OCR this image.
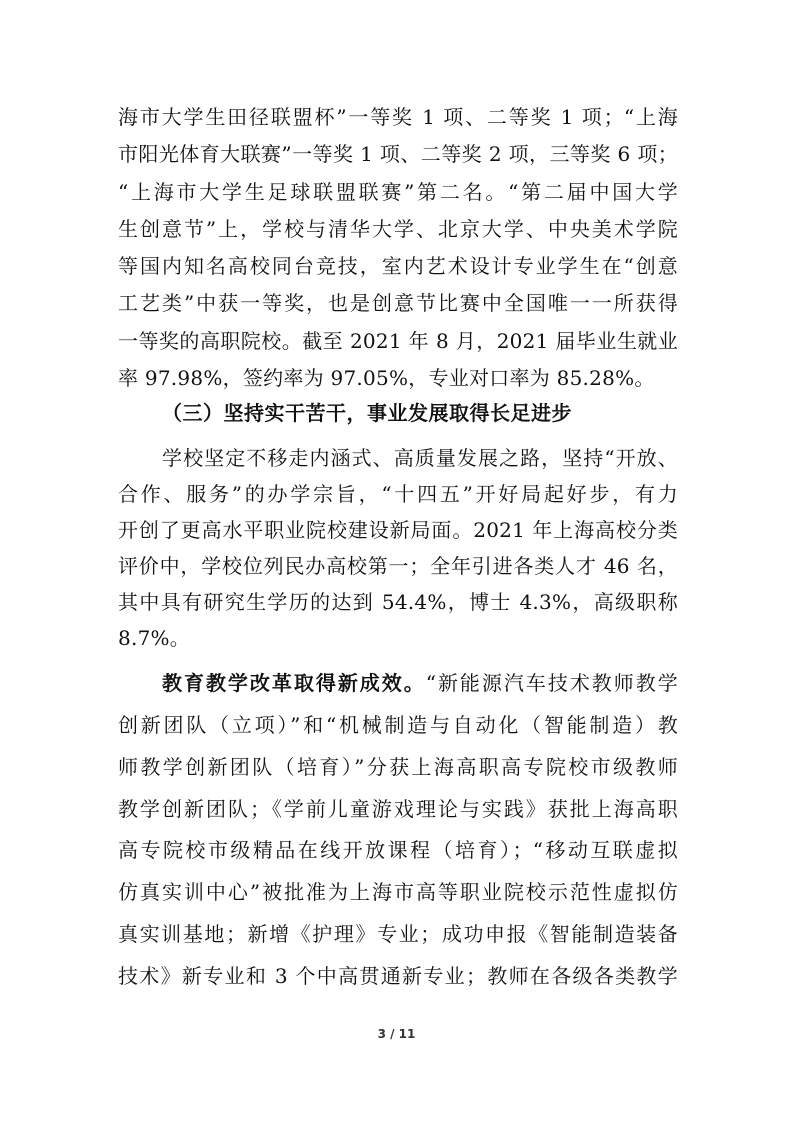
海市大学生田径联盟杯”一等奖 1 项、二等奖 1 项；“上海
市阳光体育大联赛”一等奖 1 项、二等奖 2 项，三等奖 6 项；
“上海市大学生足球联盟联赛”第二名。“第二届中国大学
生创意节”上，学校与清华大学、北京大学、中央美术学院
等国内知名高校同台竞技，室内艺术设计专业学生在“创意
工艺类”中获一等奖，也是创意节比赛中全国唯一一所获得
一等奖的高职院校。截至 2021 年 8 月，2021 届毕业生就业
率 97.98%，签约率为 97.05%，专业对口率为 85.28%。
（三）坚持实干苦干，事业发展取得长足进步
学校坚定不移走内涵式、高质量发展之路，坚持“开放、
合作、服务”的办学宗旨，“十四五”开好局起好步，有力
开创了更高水平职业院校建设新局面。2021 年上海高校分类
评价中，学校位列民办高校第一；全年引进各类人才 46 名，
其中具有研究生学历的达到 54.4%，博士 4.3%，高级职称
8.7%。
教育教学改革取得新成效。“新能源汽车技术教师教学
创新团队（立项）”和“机械制造与自动化（智能制造）教
师教学创新团队（培育）”分获上海高职高专院校市级教师
教学创新团队；《学前儿童游戏理论与实践》获批上海高职
高专院校市级精品在线开放课程（培育）；“移动互联虚拟
仿真实训中心”被批准为上海市高等职业院校示范性虚拟仿
真实训基地；新增《护理》专业；成功申报《智能制造装备
技术》新专业和 3 个中高贯通新专业；教师在各级各类教学
3 / 11
